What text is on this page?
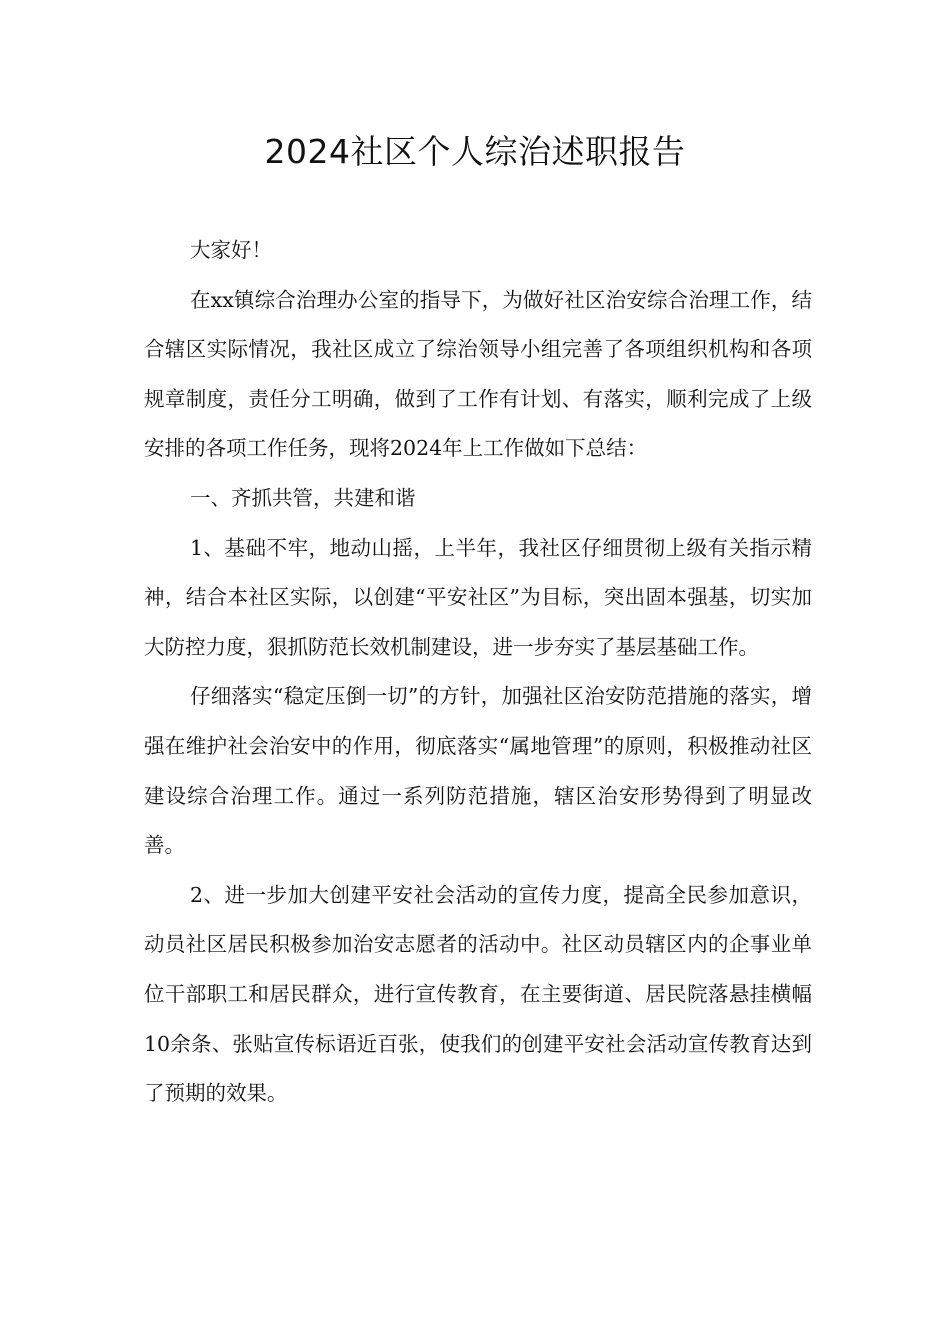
2024社区个人综治述职报告

大家好！

在xx镇综合治理办公室的指导下，为做好社区治安综合治理工作，结合辖区实际情况，我社区成立了综治领导小组完善了各项组织机构和各项规章制度，责任分工明确，做到了工作有计划、有落实，顺利完成了上级安排的各项工作任务，现将2024年上工作做如下总结：

一、齐抓共管，共建和谐

1、基础不牢，地动山摇，上半年，我社区仔细贯彻上级有关指示精神，结合本社区实际，以创建“平安社区”为目标，突出固本强基，切实加大防控力度，狠抓防范长效机制建设，进一步夯实了基层基础工作。

仔细落实“稳定压倒一切”的方针，加强社区治安防范措施的落实，增强在维护社会治安中的作用，彻底落实“属地管理”的原则，积极推动社区建设综合治理工作。通过一系列防范措施，辖区治安形势得到了明显改善。

2、进一步加大创建平安社会活动的宣传力度，提高全民参加意识，动员社区居民积极参加治安志愿者的活动中。社区动员辖区内的企事业单位干部职工和居民群众，进行宣传教育，在主要街道、居民院落悬挂横幅10余条、张贴宣传标语近百张，使我们的创建平安社会活动宣传教育达到了预期的效果。
